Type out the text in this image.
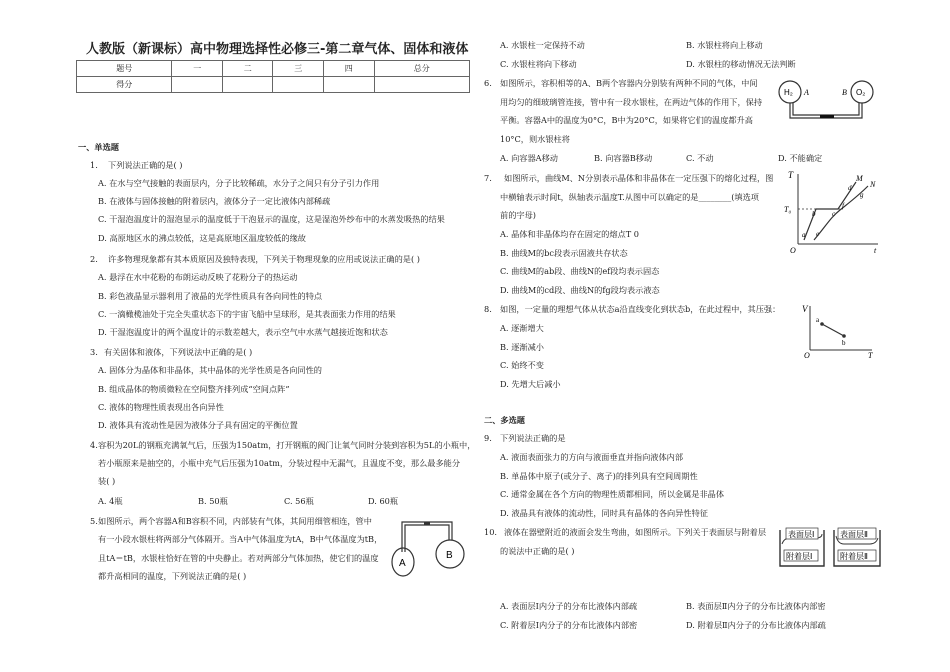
人教版（新课标）高中物理选择性必修三-第二章气体、固体和液体
题号	一	二	三	四	总分
得分					
一、单选题
1. 下列说法正确的是( )
A. 在水与空气接触的表面层内，分子比较稀疏，水分子之间只有分子引力作用
B. 在液体与固体接触的附着层内，液体分子一定比液体内部稀疏
C. 干湿泡温度计的湿泡显示的温度低于干泡显示的温度，这是湿泡外纱布中的水蒸发吸热的结果
D. 高原地区水的沸点较低，这是高原地区温度较低的缘故
2. 许多物理现象都有其本质原因及独特表现，下列关于物理现象的应用或说法正确的是( )
A. 悬浮在水中花粉的布朗运动反映了花粉分子的热运动
B. 彩色液晶显示器利用了液晶的光学性质具有各向同性的特点
C. 一滴橄榄油处于完全失重状态下的宇宙飞船中呈球形，是其表面张力作用的结果
D. 干湿泡温度计的两个温度计的示数差越大，表示空气中水蒸气越接近饱和状态
3. 有关固体和液体，下列说法中正确的是( )
A. 固体分为晶体和非晶体，其中晶体的光学性质是各向同性的
B. 组成晶体的物质微粒在空间整齐排列成“空间点阵”
C. 液体的物理性质表现出各向异性
D. 液体具有流动性是因为液体分子具有固定的平衡位置
4. 容积为20L的钢瓶充满氧气后，压强为150atm，打开钢瓶的阀门让氧气同时分装到容积为5L的小瓶中，
若小瓶原来是抽空的，小瓶中充气后压强为10atm，分装过程中无漏气，且温度不变，那么最多能分
装( )
A. 4瓶	B. 50瓶	C. 56瓶	D. 60瓶
5. 如图所示，两个容器A和B容积不同，内部装有气体，其间用细管相连，管中
有一小段水银柱将两部分气体隔开。当A中气体温度为tA，B中气体温度为tB，
且tA＝tB，水银柱恰好在管的中央静止。若对两部分气体加热，使它们的温度
都升高相同的温度，下列说法正确的是( )
A
B
A. 水银柱一定保持不动	B. 水银柱将向上移动
C. 水银柱将向下移动	D. 水银柱的移动情况无法判断
6. 如图所示，容积相等的A、B两个容器内分别装有两种不同的气体，中间
用均匀的细玻璃管连接，管中有一段水银柱，在两边气体的作用下，保持
平衡。容器A中的温度为0°C，B中为20°C，如果将它们的温度都升高
10°C，则水银柱将
A. 向容器A移动	B. 向容器B移动	C. 不动	D. 不能确定
H₂ A	B O₂
7. 如图所示，曲线M、N分别表示晶体和非晶体在一定压强下的熔化过程，图
中横轴表示时间t，纵轴表示温度T.从图中可以确定的是________(填选项
前的字母)
A. 晶体和非晶体均存在固定的熔点T 0
B. 曲线M的bc段表示固液共存状态
C. 曲线M的ab段、曲线N的ef段均表示固态
D. 曲线M的cd段、曲线N的fg段均表示液态
T
T₀
O	t
M
N
a
b c
d
e
f
g
8. 如图，一定量的理想气体从状态a沿直线变化到状态b，在此过程中，其压强：
A. 逐渐增大
B. 逐渐减小
C. 始终不变
D. 先增大后减小
V
O	T
a
b
二、多选题
9. 下列说法正确的是
A. 液面表面张力的方向与液面垂直并指向液体内部
B. 单晶体中原子(或分子、离子)的排列具有空间周期性
C. 通常金属在各个方向的物理性质都相同，所以金属是非晶体
D. 液晶具有液体的流动性，同时具有晶体的各向异性特征
10. 液体在器壁附近的液面会发生弯曲，如图所示。下列关于表面层与附着层
的说法中正确的是( )
A. 表面层Ⅰ内分子的分布比液体内部疏	B. 表面层Ⅱ内分子的分布比液体内部密
C. 附着层Ⅰ内分子的分布比液体内部密	D. 附着层Ⅱ内分子的分布比液体内部疏
表面层Ⅰ
附着层Ⅰ
表面层Ⅱ
附着层Ⅱ
